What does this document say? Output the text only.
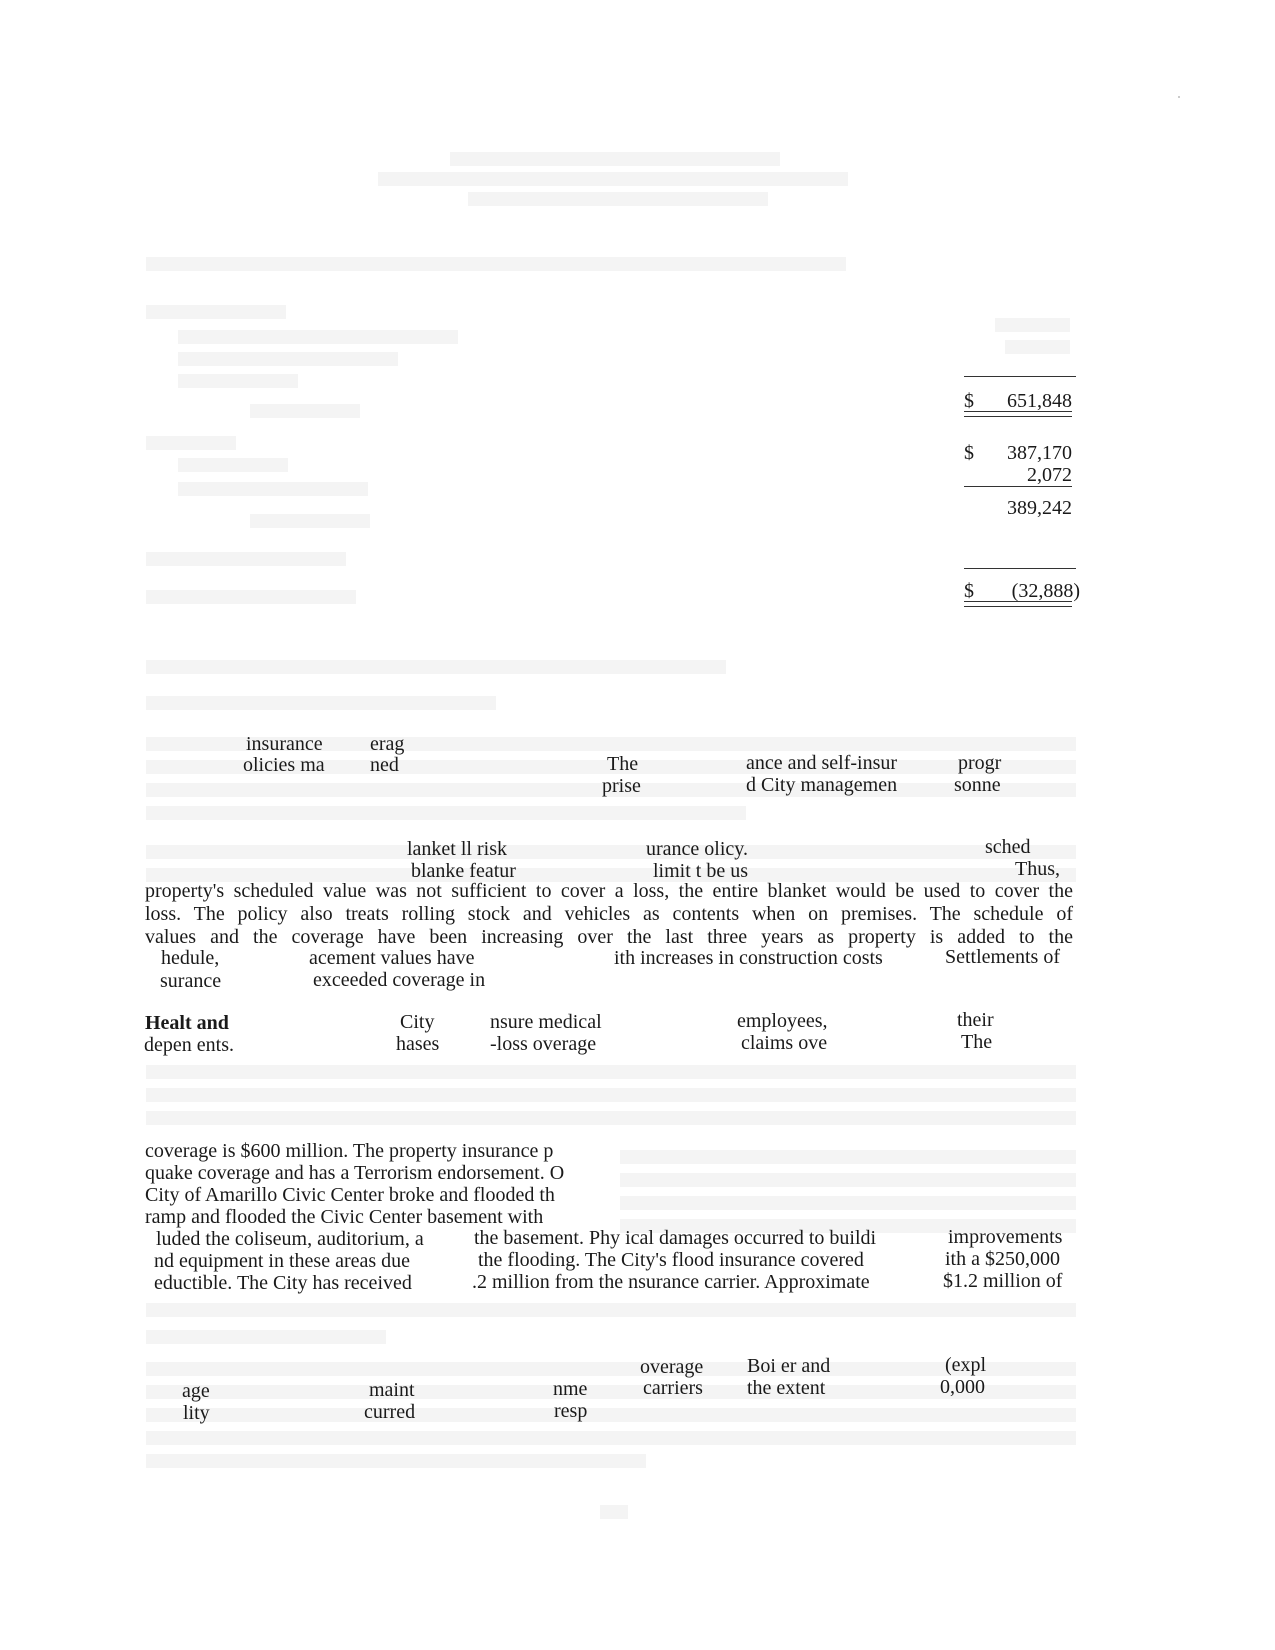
$	651,848
$	387,170
2,072
389,242
$	(32,888)
insurance erag
olicies ma ned	The
prise
ance and self-insur
d City managemen
progr
sonne
lanket ll risk	urance olicy.	sched
blanke featur	limit t be us	Thus,
property's scheduled value was not sufficient to cover a loss, the entire blanket would be used to cover the
loss. The policy also treats rolling stock and vehicles as contents when on premises. The schedule of
values and the coverage have been increasing over the last three years as property is added to the
hedule,	acement values have	ith increases in construction costs	Settlements of
surance	exceeded coverage in
Healt and
depen ents.
City
hases
nsure medical
-loss overage
employees,
claims ove
their
The
coverage is $600 million. The property insurance p
quake coverage and has a Terrorism endorsement. O
City of Amarillo Civic Center broke and flooded th
ramp and flooded the Civic Center basement with
luded the coliseum, auditorium, a	the basement. Phy ical damages occurred to buildi	improvements
nd equipment in these areas due	the flooding. The City's flood insurance covered	ith a $250,000
eductible. The City has received	.2 million from the nsurance carrier. Approximate	$1.2 million of
age
lity
maint
curred
nme
resp
overage
carriers
Boi er and
the extent
(expl
0,000
